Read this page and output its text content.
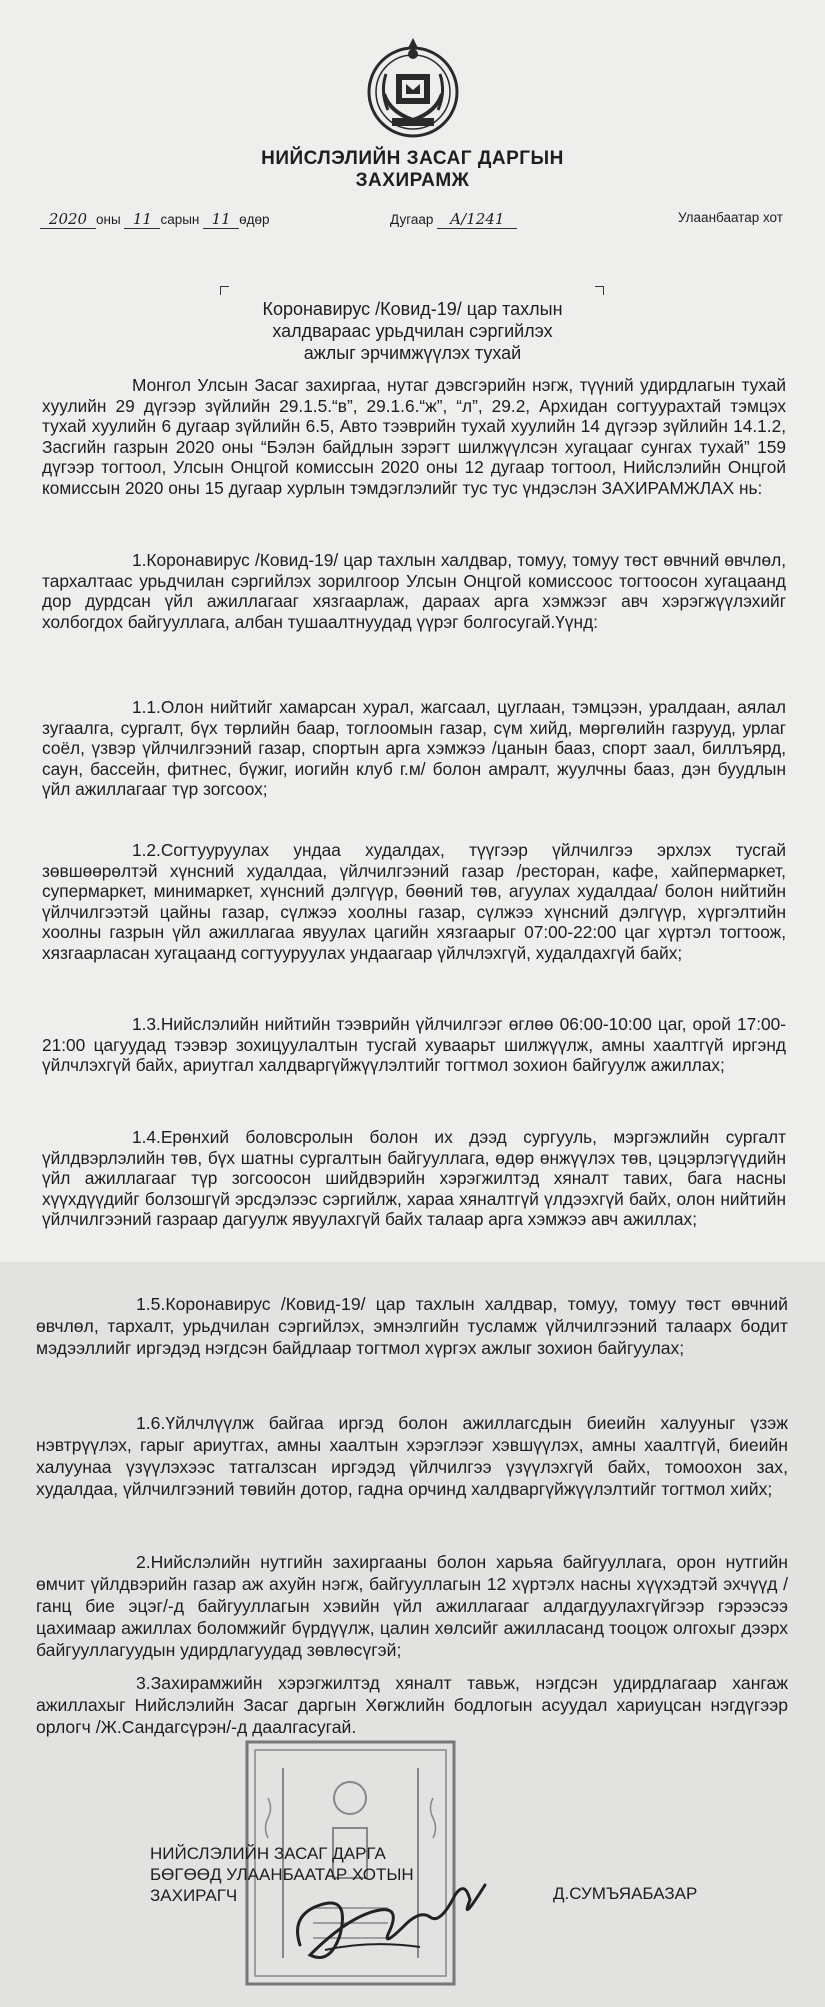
НИЙСЛЭЛИЙН ЗАСАГ ДАРГЫН
ЗАХИРАМЖ
2020 оны 11 сарын 11 өдөр	Дугаар А/1241	Улаанбаатар хот
Коронавирус /Ковид-19/ цар тахлын
халдвараас урьдчилан сэргийлэх
ажлыг эрчимжүүлэх тухай
Монгол Улсын Засаг захиргаа, нутаг дэвсгэрийн нэгж, түүний удирдлагын тухай хуулийн 29 дүгээр зүйлийн 29.1.5.“в”, 29.1.6.“ж”, “л”, 29.2, Архидан согтуурахтай тэмцэх тухай хуулийн 6 дугаар зүйлийн 6.5, Авто тээврийн тухай хуулийн 14 дүгээр зүйлийн 14.1.2, Засгийн газрын 2020 оны “Бэлэн байдлын зэрэгт шилжүүлсэн хугацааг сунгах тухай” 159 дүгээр тогтоол, Улсын Онцгой комиссын 2020 оны 12 дугаар тогтоол, Нийслэлийн Онцгой комиссын 2020 оны 15 дугаар хурлын тэмдэглэлийг тус тус үндэслэн ЗАХИРАМЖЛАХ нь:
1.Коронавирус /Ковид-19/ цар тахлын халдвар, томуу, томуу төст өвчний өвчлөл, тархалтаас урьдчилан сэргийлэх зорилгоор Улсын Онцгой комиссоос тогтоосон хугацаанд дор дурдсан үйл ажиллагааг хязгаарлаж, дараах арга хэмжээг авч хэрэгжүүлэхийг холбогдох байгууллага, албан тушаалтнуудад үүрэг болгосугай.Үүнд:
1.1.Олон нийтийг хамарсан хурал, жагсаал, цуглаан, тэмцээн, уралдаан, аялал зугаалга, сургалт, бүх төрлийн баар, тоглоомын газар, сүм хийд, мөргөлийн газрууд, урлаг соёл, үзвэр үйлчилгээний газар, спортын арга хэмжээ /цанын бааз, спорт заал, биллъярд, саун, бассейн, фитнес, бүжиг, иогийн клуб г.м/ болон амралт, жуулчны бааз, дэн буудлын үйл ажиллагааг түр зогсоох;
1.2.Согтууруулах ундаа худалдах, түүгээр үйлчилгээ эрхлэх тусгай зөвшөөрөлтэй хүнсний худалдаа, үйлчилгээний газар /ресторан, кафе, хайпермаркет, супермаркет, минимаркет, хүнсний дэлгүүр, бөөний төв, агуулах худалдаа/ болон нийтийн үйлчилгээтэй цайны газар, сүлжээ хоолны газар, сүлжээ хүнсний дэлгүүр, хүргэлтийн хоолны газрын үйл ажиллагаа явуулах цагийн хязгаарыг 07:00-22:00 цаг хүртэл тогтоож, хязгаарласан хугацаанд согтууруулах ундаагаар үйлчлэхгүй, худалдахгүй байх;
1.3.Нийслэлийн нийтийн тээврийн үйлчилгээг өглөө 06:00-10:00 цаг, орой 17:00-21:00 цагуудад тээвэр зохицуулалтын тусгай хуваарьт шилжүүлж, амны хаалтгүй иргэнд үйлчлэхгүй байх, ариутгал халдваргүйжүүлэлтийг тогтмол зохион байгуулж ажиллах;
1.4.Ерөнхий боловсролын болон их дээд сургууль, мэргэжлийн сургалт үйлдвэрлэлийн төв, бүх шатны сургалтын байгууллага, өдөр өнжүүлэх төв, цэцэрлэгүүдийн үйл ажиллагааг түр зогсоосон шийдвэрийн хэрэгжилтэд хяналт тавих, бага насны хүүхдүүдийг болзошгүй эрсдэлээс сэргийлж, хараа хяналтгүй үлдээхгүй байх, олон нийтийн үйлчилгээний газраар дагуулж явуулахгүй байх талаар арга хэмжээ авч ажиллах;
1.5.Коронавирус /Ковид-19/ цар тахлын халдвар, томуу, томуу төст өвчний өвчлөл, тархалт, урьдчилан сэргийлэх, эмнэлгийн тусламж үйлчилгээний талаарх бодит мэдээллийг иргэдэд нэгдсэн байдлаар тогтмол хүргэх ажлыг зохион байгуулах;
1.6.Үйлчлүүлж байгаа иргэд болон ажиллагсдын биеийн халууныг үзэж нэвтрүүлэх, гарыг ариутгах, амны хаалтын хэрэглээг хэвшүүлэх, амны хаалтгүй, биеийн халуунаа үзүүлэхээс татгалзсан иргэдэд үйлчилгээ үзүүлэхгүй байх, томоохон зах, худалдаа, үйлчилгээний төвийн дотор, гадна орчинд халдваргүйжүүлэлтийг тогтмол хийх;
2.Нийслэлийн нутгийн захиргааны болон харьяа байгууллага, орон нутгийн өмчит үйлдвэрийн газар аж ахуйн нэгж, байгууллагын 12 хүртэлх насны хүүхэдтэй эхчүүд /ганц бие эцэг/-д байгууллагын хэвийн үйл ажиллагааг алдагдуулахгүйгээр гэрээсээ цахимаар ажиллах боломжийг бүрдүүлж, цалин хөлсийг ажилласанд тооцож олгохыг дээрх байгууллагуудын удирдлагуудад зөвлөсүгэй;
3.Захирамжийн хэрэгжилтэд хяналт тавьж, нэгдсэн удирдлагаар хангаж ажиллахыг Нийслэлийн Засаг даргын Хөгжлийн бодлогын асуудал хариуцсан нэгдүгээр орлогч /Ж.Сандагсүрэн/-д даалгасугай.
НИЙСЛЭЛИЙН ЗАСАГ ДАРГА
БӨГӨӨД УЛААНБААТАР ХОТЫН
ЗАХИРАГЧ	Д.СУМЪЯАБАЗАР
